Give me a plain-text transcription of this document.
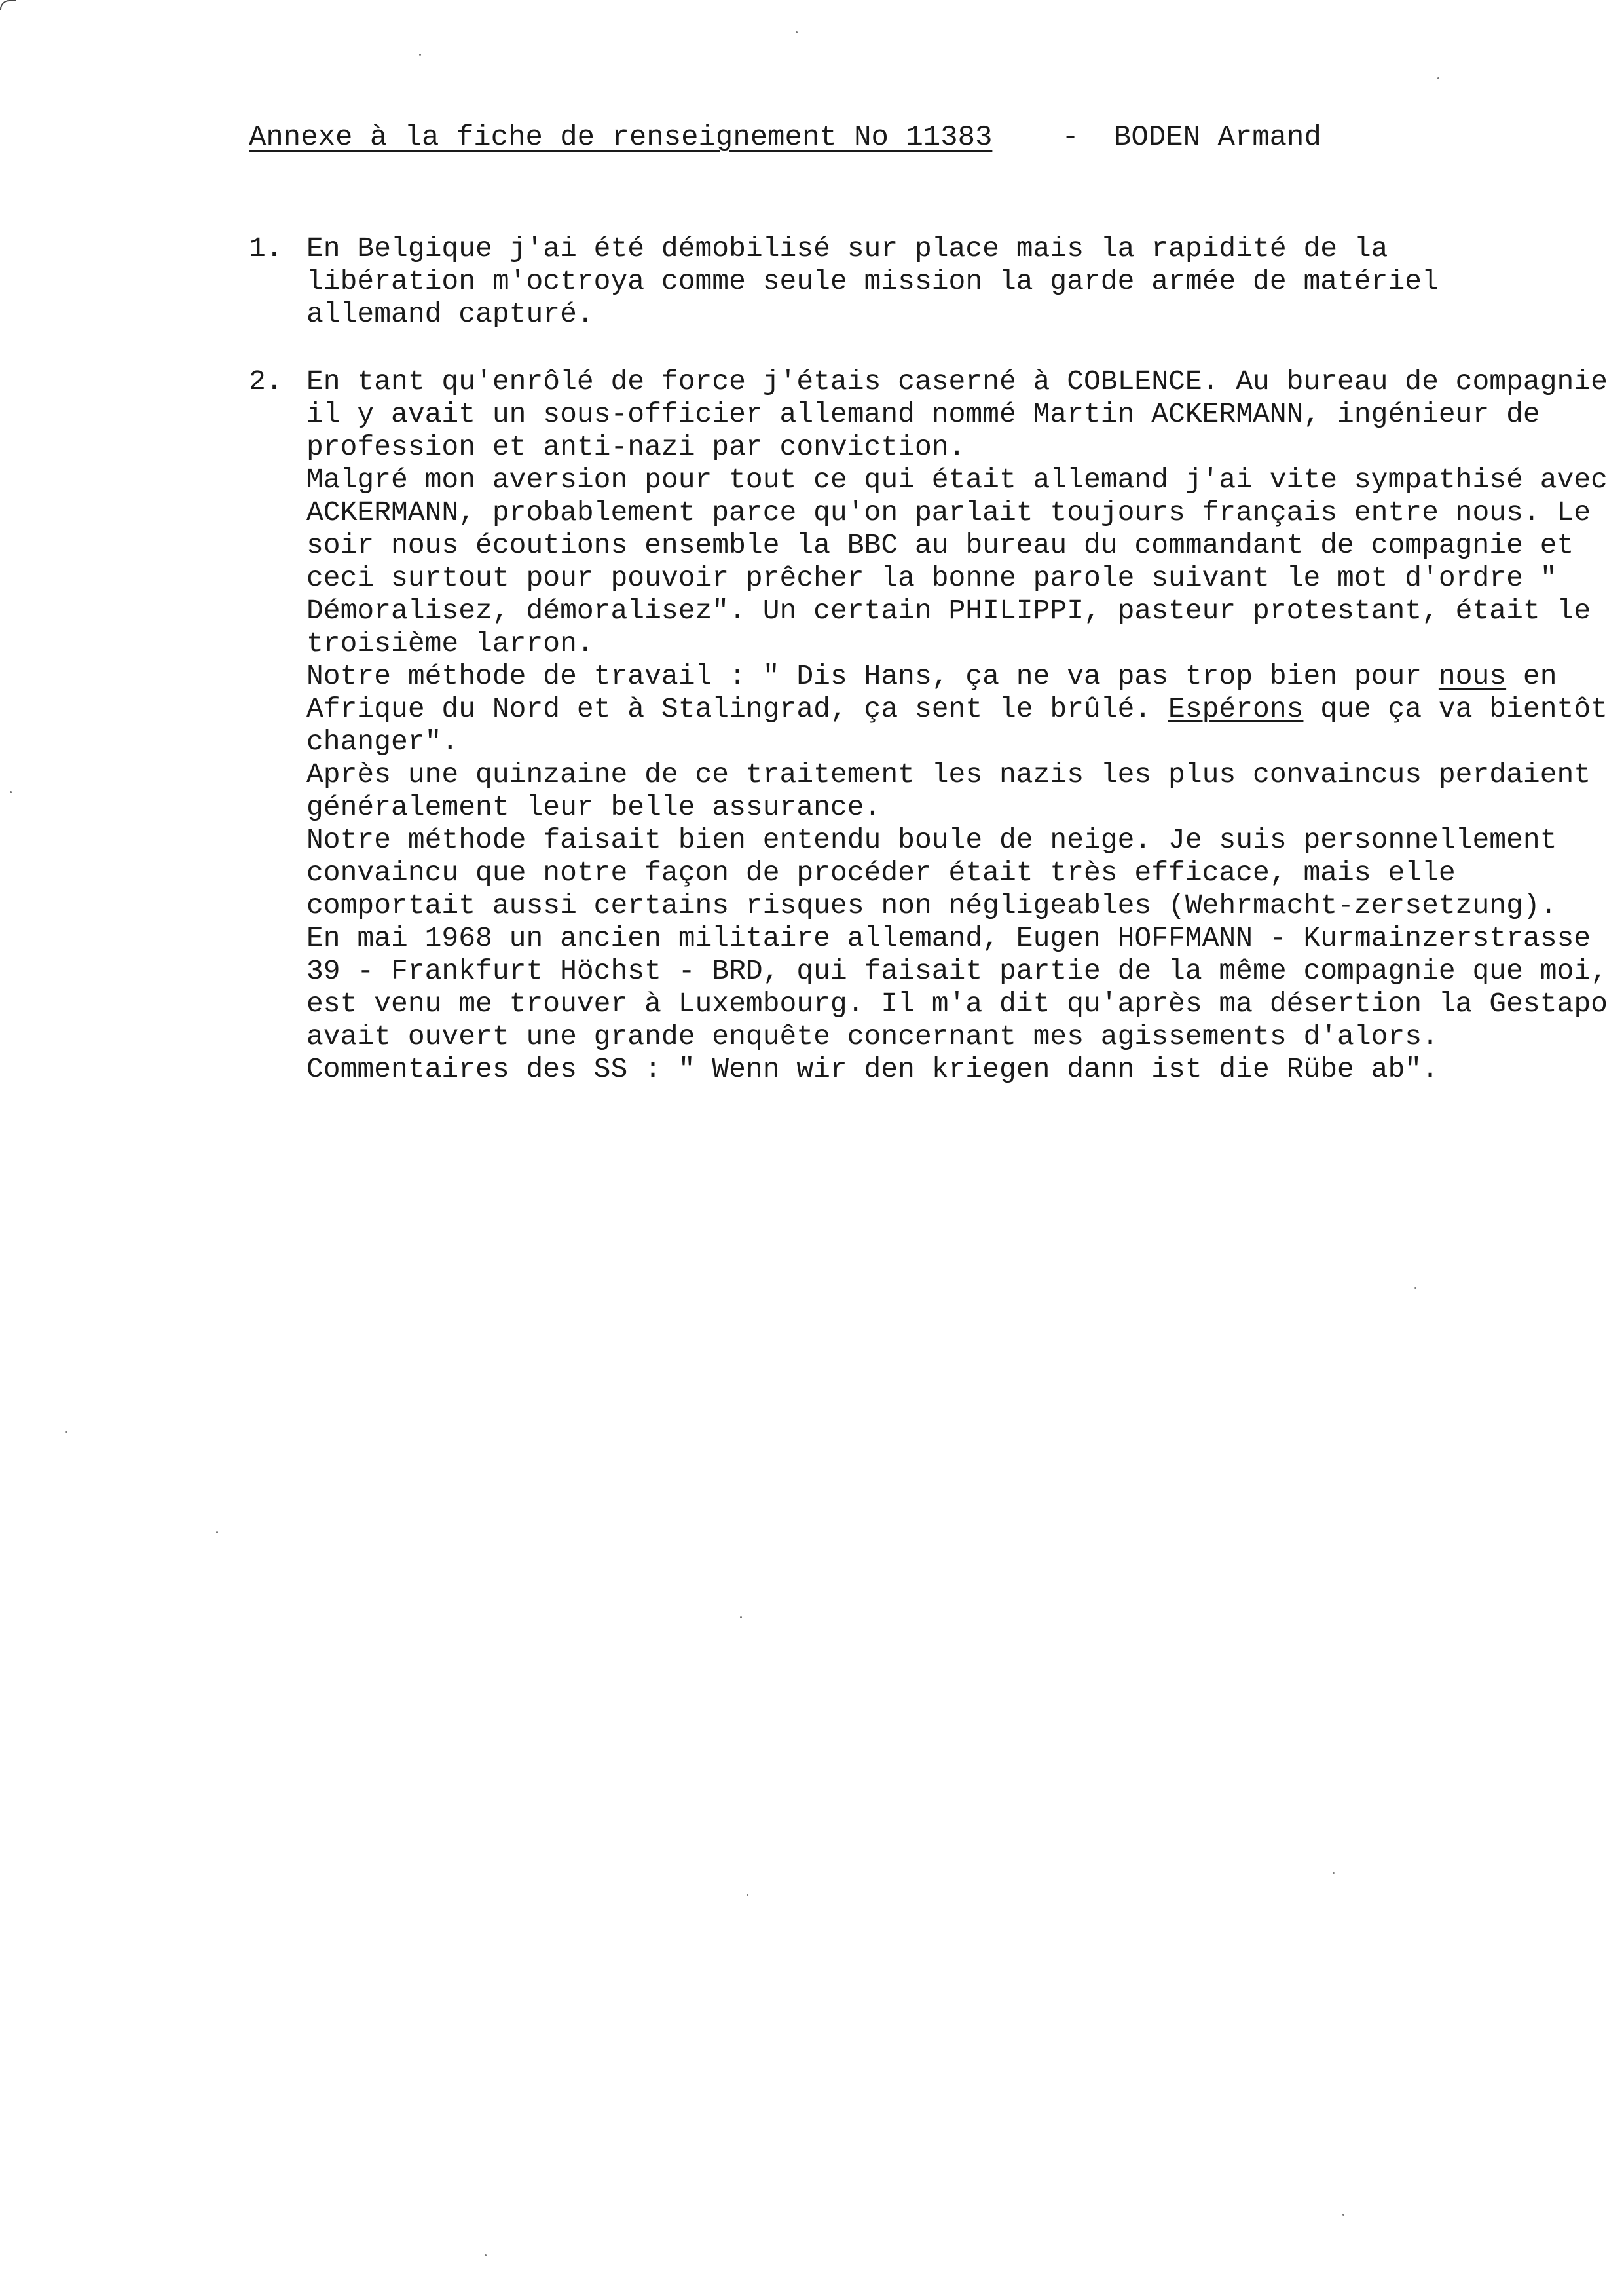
Annexe à la fiche de renseignement No 11383 - BODEN Armand
1. En Belgique j'ai été démobilisé sur place mais la rapidité de la libération m'octroya comme seule mission la garde armée de matériel allemand capturé.

2. En tant qu'enrôlé de force j'étais caserné à COBLENCE. Au bureau de compagnie il y avait un sous-officier allemand nommé Martin ACKERMANN, ingénieur de profession et anti-nazi par conviction.

Malgré mon aversion pour tout ce qui était allemand j'ai vite sympathisé avec ACKERMANN, probablement parce qu'on parlait toujours français entre nous. Le soir nous écoutions ensemble la BBC au bureau du commandant de compagnie et ceci surtout pour pouvoir prêcher la bonne parole suivant le mot d'ordre " Démoralisez, démoralisez". Un certain PHILIPPI, pasteur protestant, était le troisième larron.

Notre méthode de travail : " Dis Hans, ça ne va pas trop bien pour nous en Afrique du Nord et à Stalingrad, ça sent le brûlé. Espérons que ça va bientôt changer".

Après une quinzaine de ce traitement les nazis les plus convaincus perdaient généralement leur belle assurance.

Notre méthode faisait bien entendu boule de neige. Je suis personnellement convaincu que notre façon de procéder était très efficace, mais elle comportait aussi certains risques non négligeables (Wehrmacht-zersetzung).

En mai 1968 un ancien militaire allemand, Eugen HOFFMANN - Kurmainzerstrasse 39 - Frankfurt Höchst - BRD, qui faisait partie de la même compagnie que moi, est venu me trouver à Luxembourg. Il m'a dit qu'après ma désertion la Gestapo avait ouvert une grande enquête concernant mes agissements d'alors.

Commentaires des SS : " Wenn wir den kriegen dann ist die Rübe ab".
